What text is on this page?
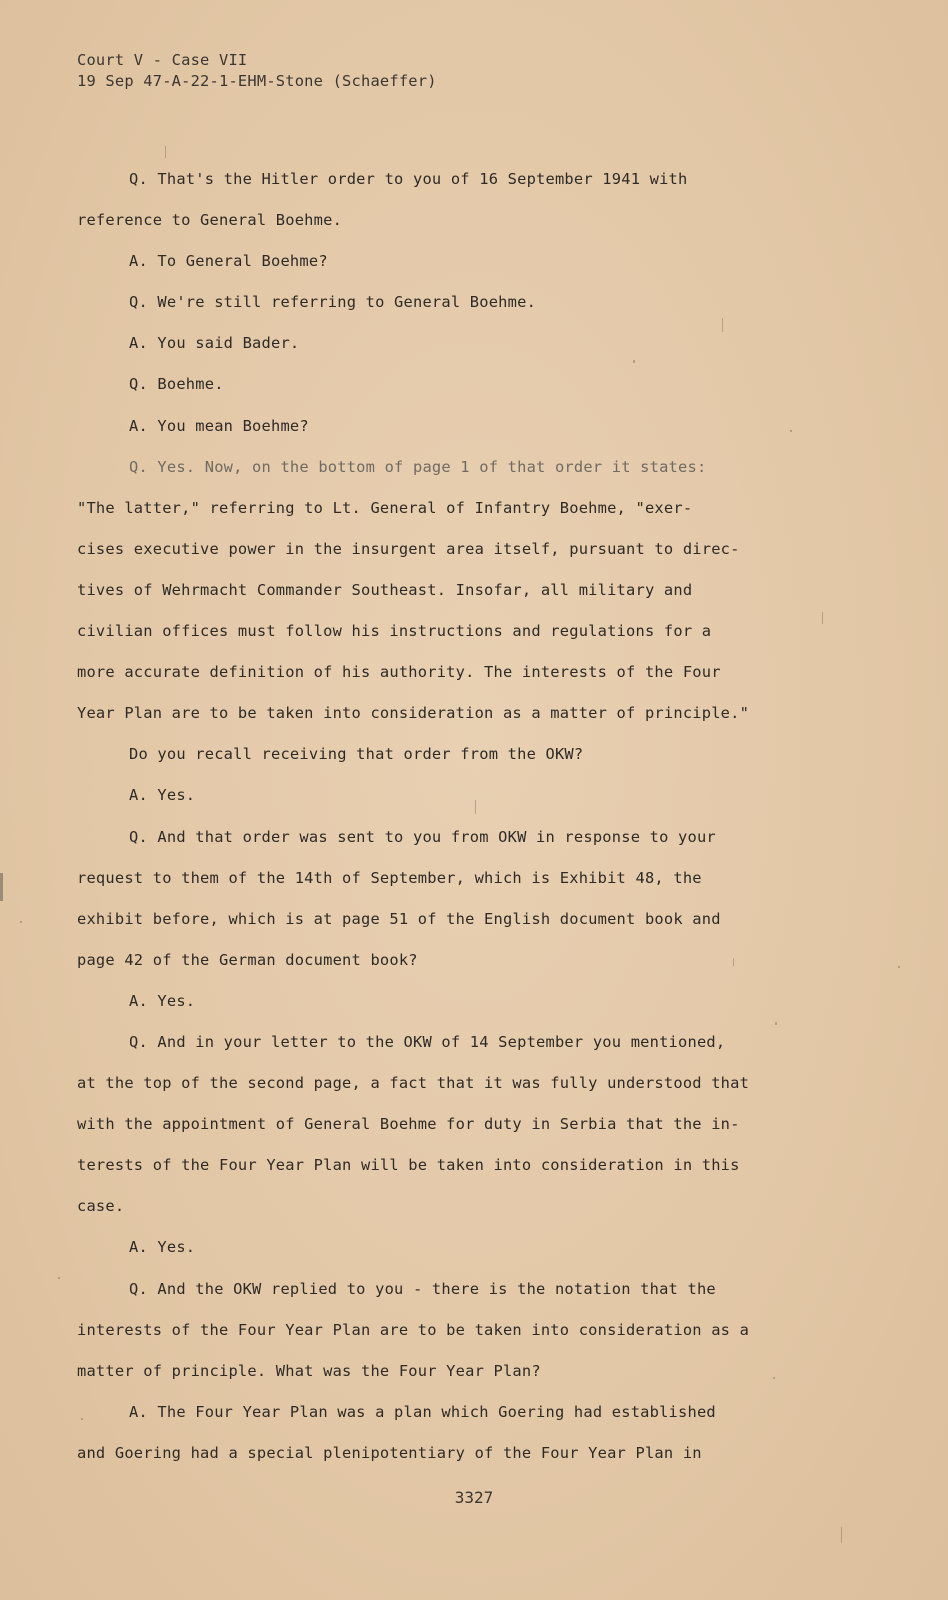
Court V - Case VII
19 Sep 47-A-22-1-EHM-Stone (Schaeffer)
Q. That's the Hitler order to you of 16 September 1941 with
reference to General Boehme.
A. To General Boehme?
Q. We're still referring to General Boehme.
A. You said Bader.
Q. Boehme.
A. You mean Boehme?
Q. Yes. Now, on the bottom of page 1 of that order it states:
"The latter," referring to Lt. General of Infantry Boehme, "exer-
cises executive power in the insurgent area itself, pursuant to direc-
tives of Wehrmacht Commander Southeast. Insofar, all military and
civilian offices must follow his instructions and regulations for a
more accurate definition of his authority. The interests of the Four
Year Plan are to be taken into consideration as a matter of principle."
Do you recall receiving that order from the OKW?
A. Yes.
Q. And that order was sent to you from OKW in response to your
request to them of the 14th of September, which is Exhibit 48, the
exhibit before, which is at page 51 of the English document book and
page 42 of the German document book?
A. Yes.
Q. And in your letter to the OKW of 14 September you mentioned,
at the top of the second page, a fact that it was fully understood that
with the appointment of General Boehme for duty in Serbia that the in-
terests of the Four Year Plan will be taken into consideration in this
case.
A. Yes.
Q. And the OKW replied to you - there is the notation that the
interests of the Four Year Plan are to be taken into consideration as a
matter of principle. What was the Four Year Plan?
A. The Four Year Plan was a plan which Goering had established
and Goering had a special plenipotentiary of the Four Year Plan in
3327
